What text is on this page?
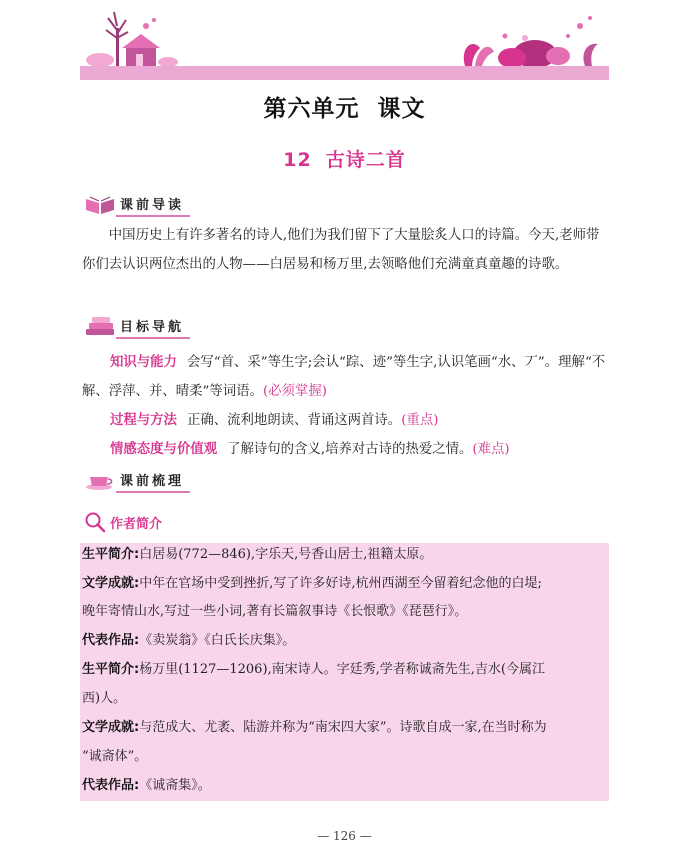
第六单元 课文
12 古诗二首
课前导读
中国历史上有许多著名的诗人,他们为我们留下了大量脍炙人口的诗篇。今天,老师带你们去认识两位杰出的人物——白居易和杨万里,去领略他们充满童真童趣的诗歌。
目标导航
知识与能力 会写“首、采”等生字;会认“踪、迹”等生字,认识笔画“水、丆”。理解“不解、浮萍、并、晴柔”等词语。(必须掌握)
过程与方法 正确、流利地朗读、背诵这两首诗。(重点)
情感态度与价值观 了解诗句的含义,培养对古诗的热爱之情。(难点)
课前梳理
作者简介
生平简介:白居易(772—846),字乐天,号香山居士,祖籍太原。
文学成就:中年在官场中受到挫折,写了许多好诗,杭州西湖至今留着纪念他的白堤;
晚年寄情山水,写过一些小词,著有长篇叙事诗《长恨歌》《琵琶行》。
代表作品:《卖炭翁》《白氏长庆集》。
生平简介:杨万里(1127—1206),南宋诗人。字廷秀,学者称诚斋先生,吉水(今属江
西)人。
文学成就:与范成大、尤袤、陆游并称为“南宋四大家”。诗歌自成一家,在当时称为
“诚斋体”。
代表作品:《诚斋集》。
— 126 —
